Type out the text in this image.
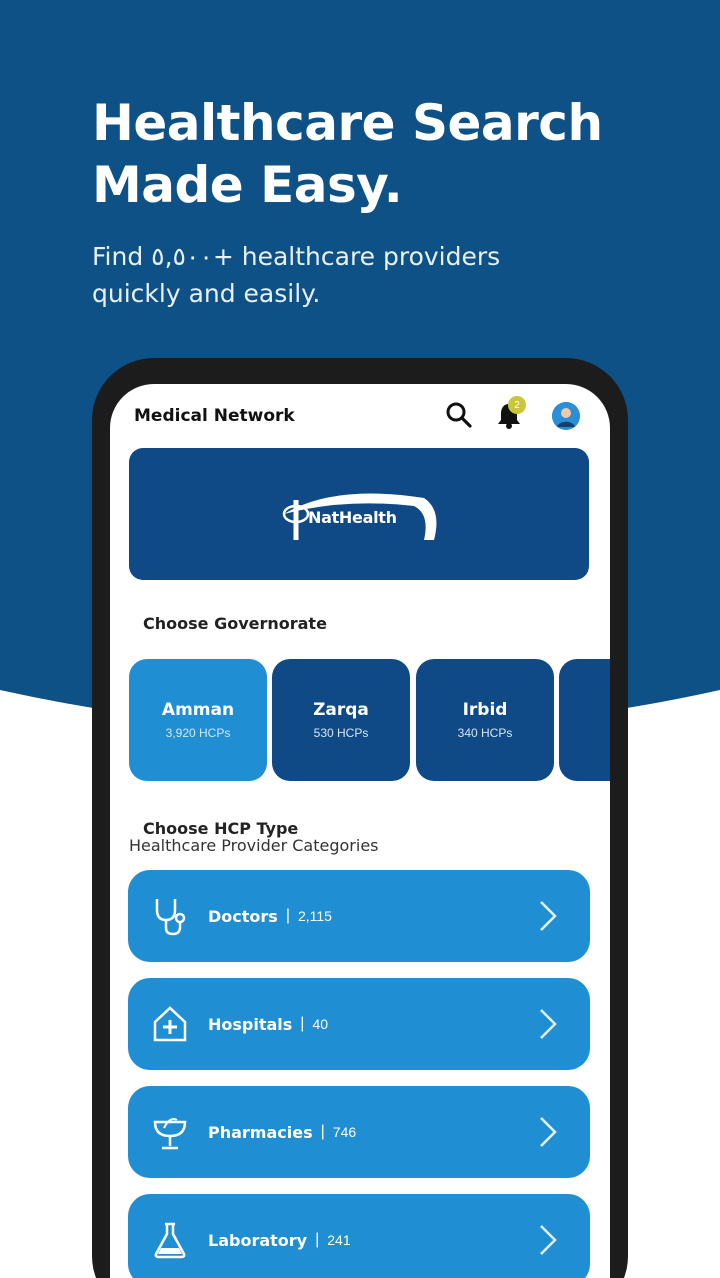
Healthcare Search
Made Easy.
Find ٥,٥٠٠+ healthcare providers
quickly and easily.
Medical Network
2
NatHealth
Choose Governorate
Amman
3,920 HCPs
Zarqa
530 HCPs
Irbid
340 HCPs
Choose HCP Type
Healthcare Provider Categories
Doctors | 2,115
Hospitals | 40
Pharmacies | 746
Laboratory | 241
